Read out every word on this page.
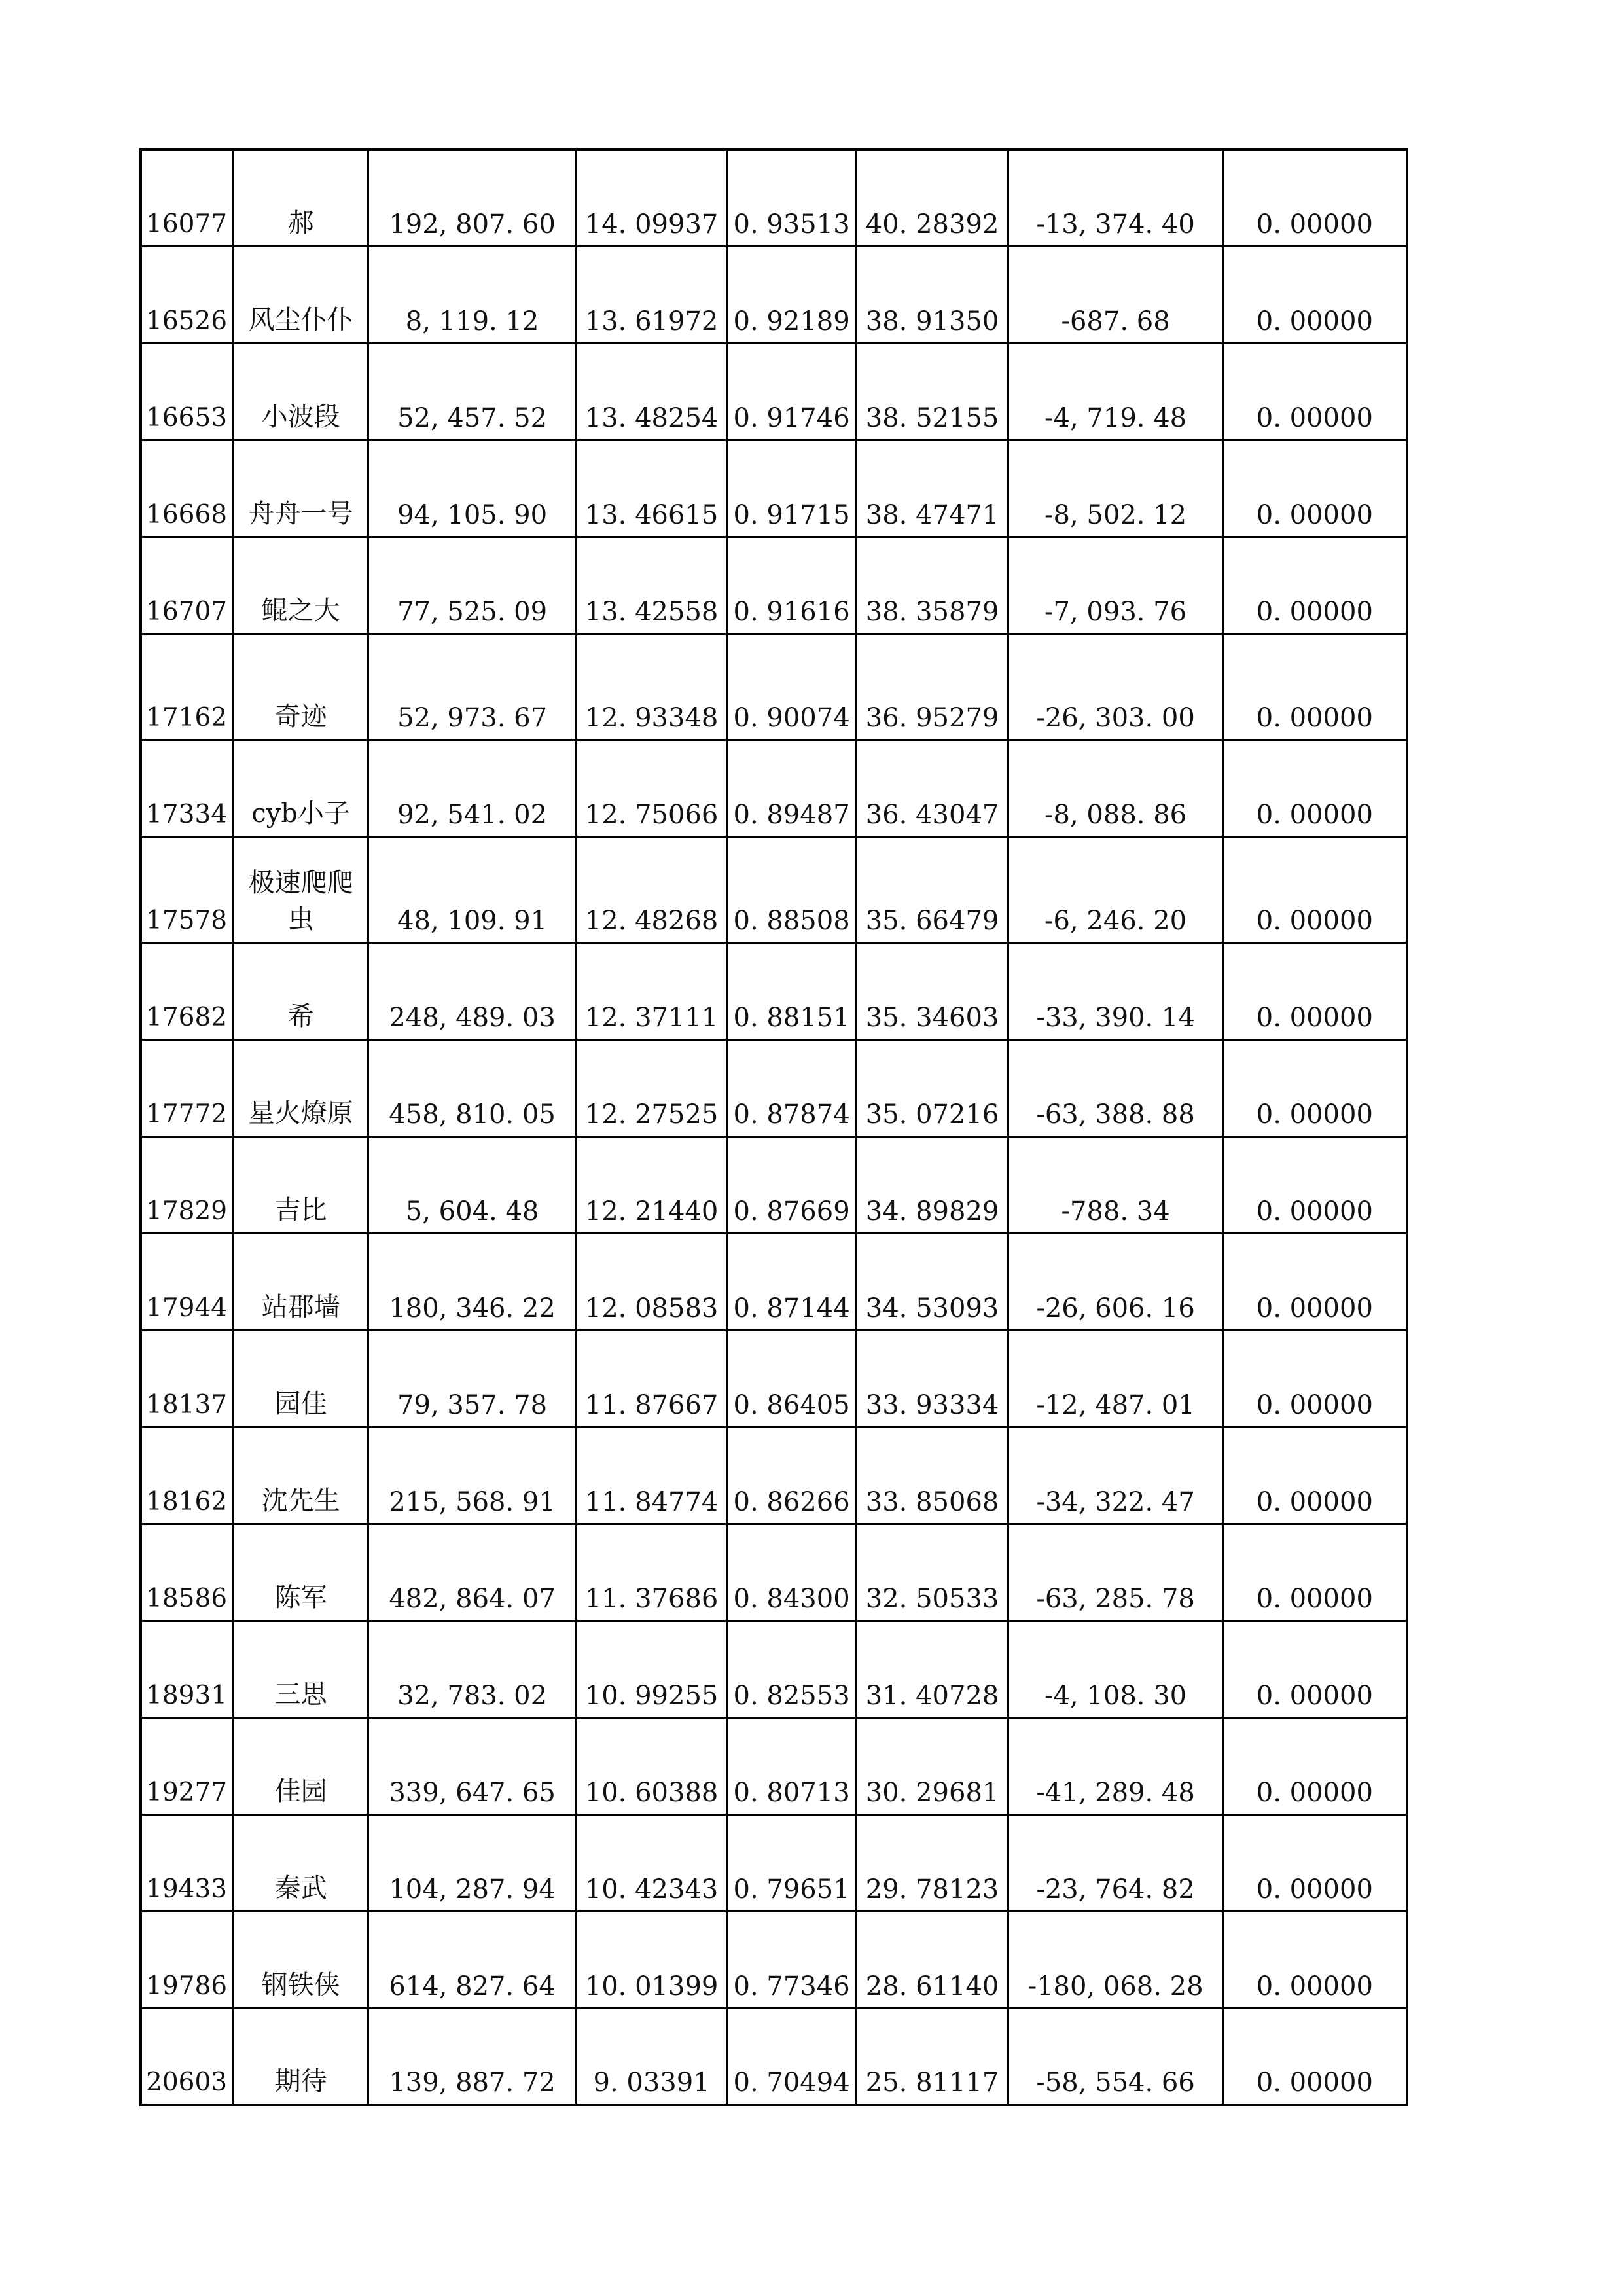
16077	郝	192, 807. 60	14. 09937	0. 93513	40. 28392	-13, 374. 40	0. 00000
16526	风尘仆仆	8, 119. 12	13. 61972	0. 92189	38. 91350	-687. 68	0. 00000
16653	小波段	52, 457. 52	13. 48254	0. 91746	38. 52155	-4, 719. 48	0. 00000
16668	舟舟一号	94, 105. 90	13. 46615	0. 91715	38. 47471	-8, 502. 12	0. 00000
16707	鲲之大	77, 525. 09	13. 42558	0. 91616	38. 35879	-7, 093. 76	0. 00000
17162	奇迹	52, 973. 67	12. 93348	0. 90074	36. 95279	-26, 303. 00	0. 00000
17334	cyb小子	92, 541. 02	12. 75066	0. 89487	36. 43047	-8, 088. 86	0. 00000
17578	极速爬爬虫	48, 109. 91	12. 48268	0. 88508	35. 66479	-6, 246. 20	0. 00000
17682	希	248, 489. 03	12. 37111	0. 88151	35. 34603	-33, 390. 14	0. 00000
17772	星火燎原	458, 810. 05	12. 27525	0. 87874	35. 07216	-63, 388. 88	0. 00000
17829	吉比	5, 604. 48	12. 21440	0. 87669	34. 89829	-788. 34	0. 00000
17944	站郡墙	180, 346. 22	12. 08583	0. 87144	34. 53093	-26, 606. 16	0. 00000
18137	园佳	79, 357. 78	11. 87667	0. 86405	33. 93334	-12, 487. 01	0. 00000
18162	沈先生	215, 568. 91	11. 84774	0. 86266	33. 85068	-34, 322. 47	0. 00000
18586	陈军	482, 864. 07	11. 37686	0. 84300	32. 50533	-63, 285. 78	0. 00000
18931	三思	32, 783. 02	10. 99255	0. 82553	31. 40728	-4, 108. 30	0. 00000
19277	佳园	339, 647. 65	10. 60388	0. 80713	30. 29681	-41, 289. 48	0. 00000
19433	秦武	104, 287. 94	10. 42343	0. 79651	29. 78123	-23, 764. 82	0. 00000
19786	钢铁侠	614, 827. 64	10. 01399	0. 77346	28. 61140	-180, 068. 28	0. 00000
20603	期待	139, 887. 72	9. 03391	0. 70494	25. 81117	-58, 554. 66	0. 00000
